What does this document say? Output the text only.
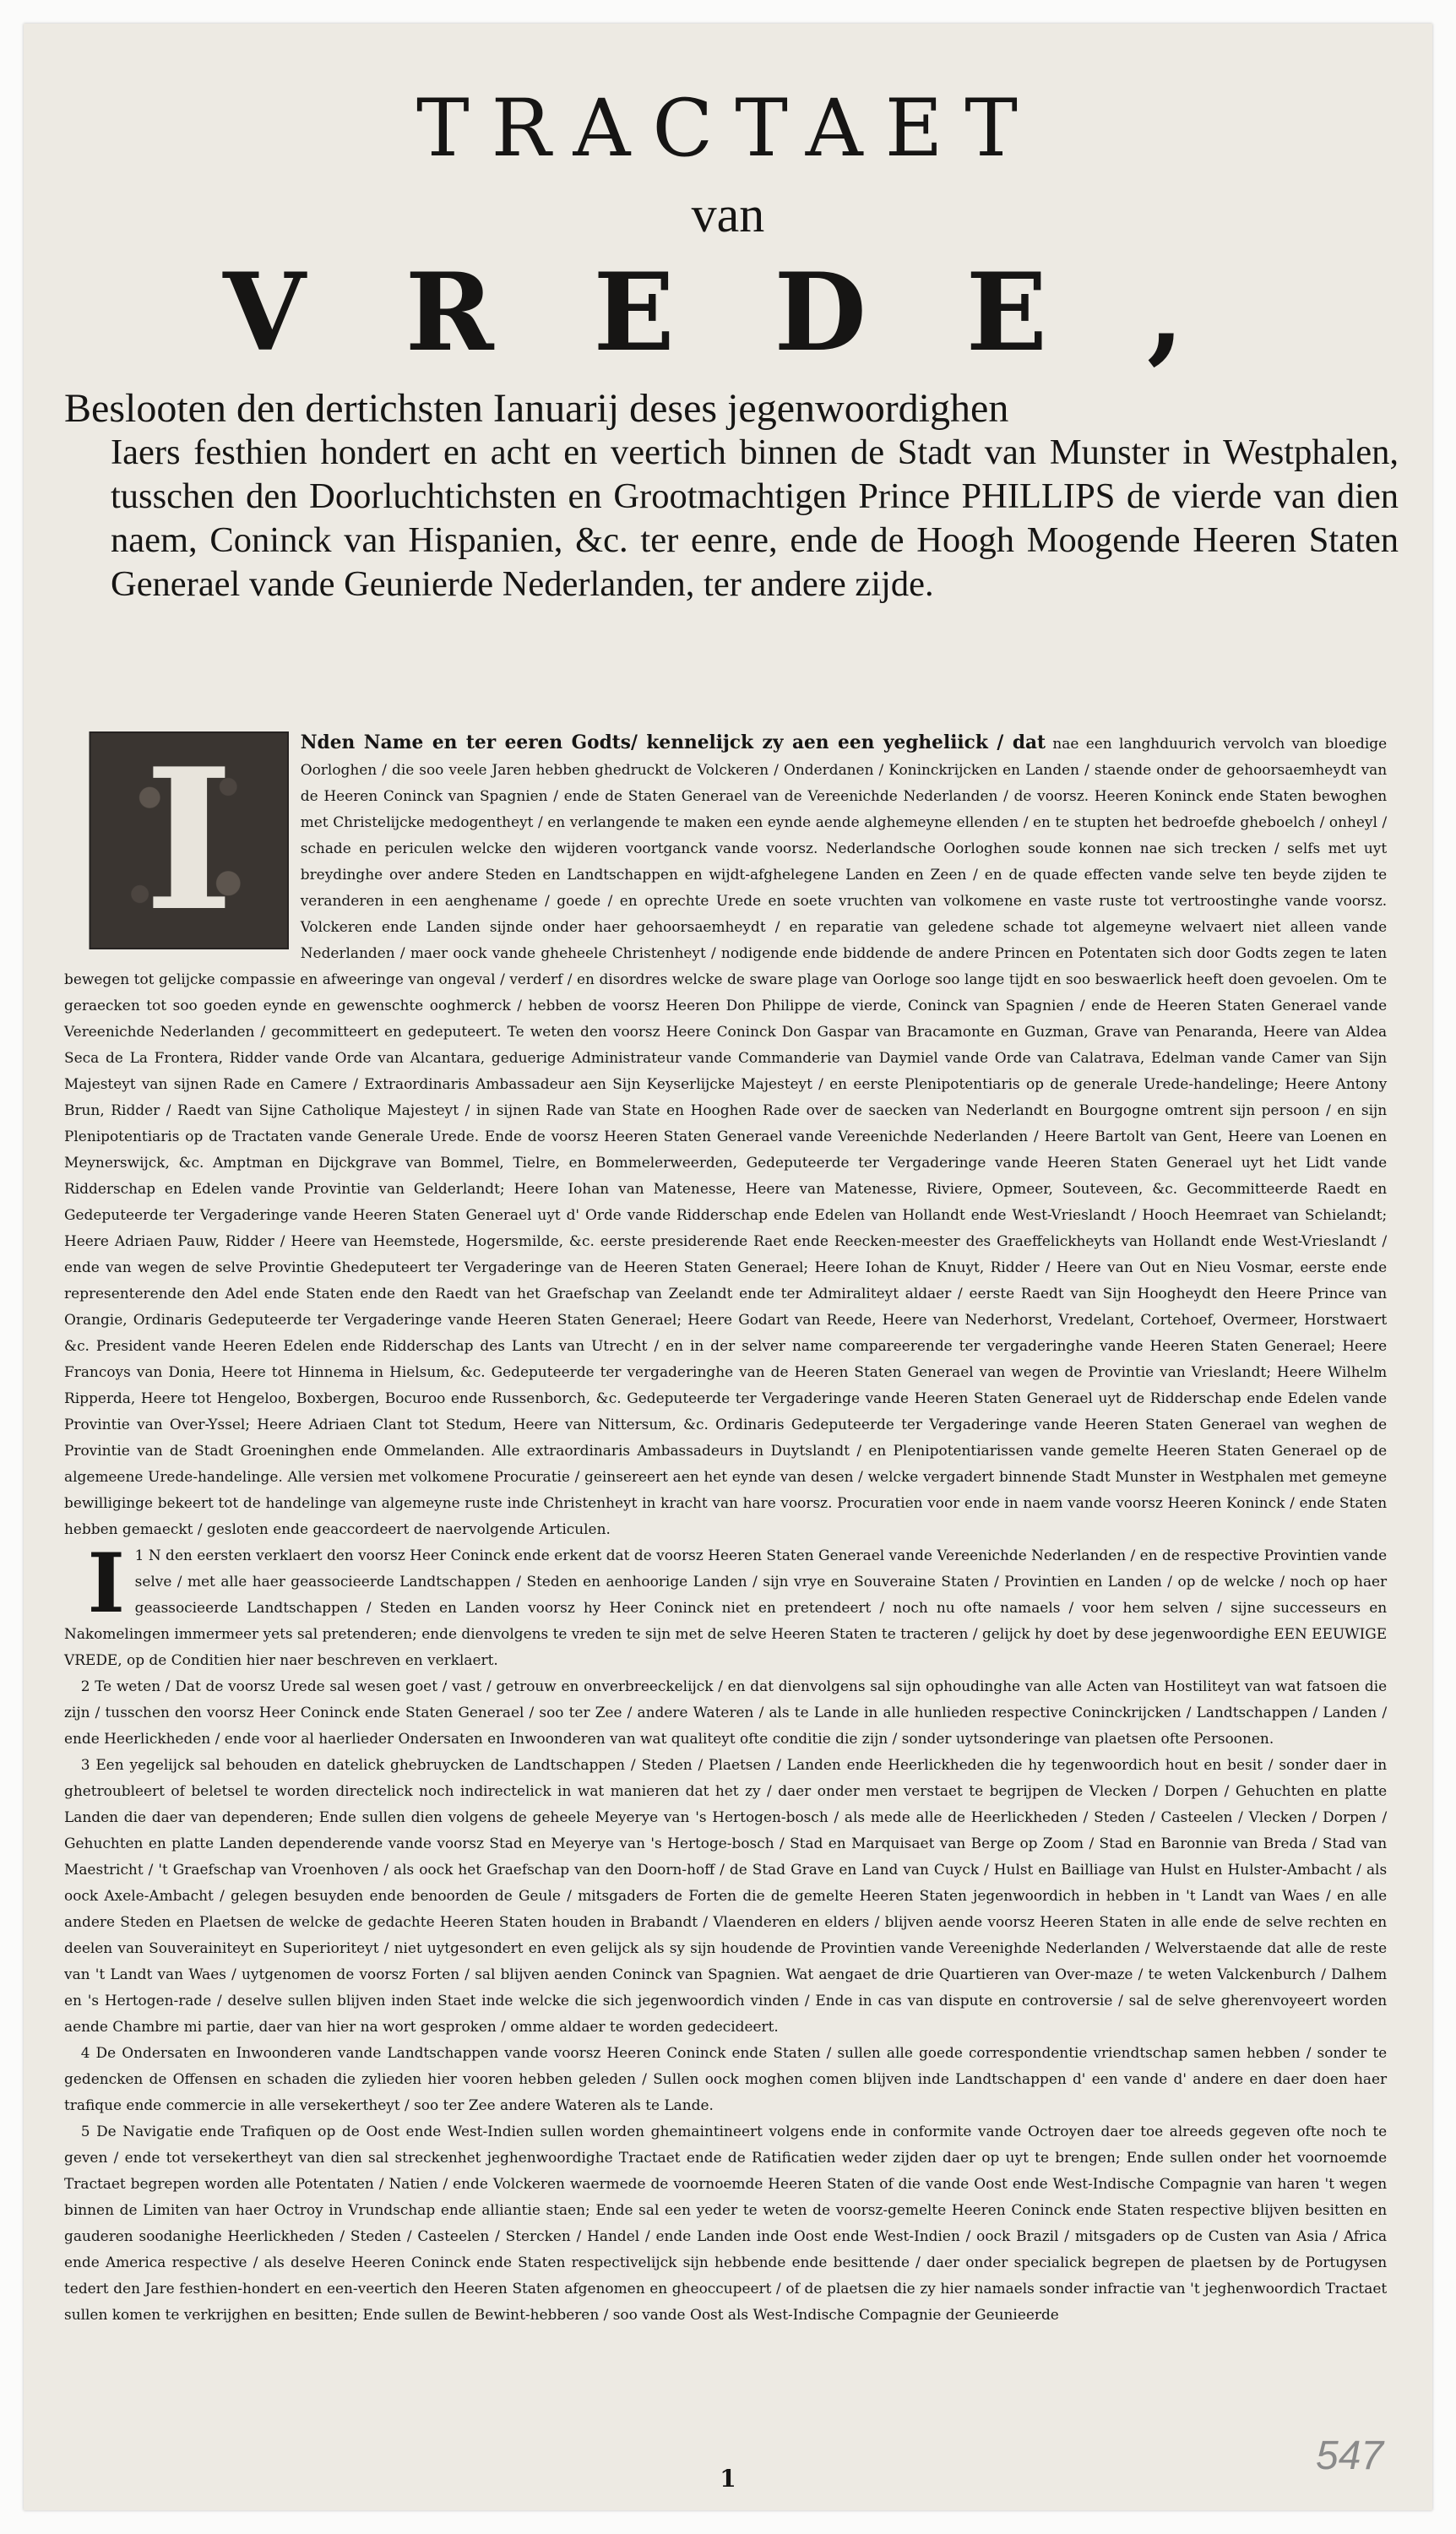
TRACTAET
van
VREDE,
Beslooten den dertichsten Ianuarij deses jegenwoordighen
Iaers festhien hondert en acht en veertich binnen de Stadt van Munster in Westphalen, tusschen den Doorluchtichsten en Grootmachtigen Prince PHILLIPS de vierde van dien naem, Coninck van Hispanien, &c. ter eenre, ende de Hoogh Moogende Heeren Staten Generael vande Geunierde Nederlanden, ter andere zijde.

I	Nden Name en ter eeren Godts/ kennelijck zy aen een yegheliick / dat nae een langhduurich vervolch van bloedige Oorloghen / die soo veele Jaren hebben ghedruckt de Volckeren / Onderdanen / Koninckrijcken en Landen / staende onder de gehoorsaemheydt van de Heeren Coninck van Spagnien / ende de Staten Generael van de Vereenichde Nederlanden / de voorsz. Heeren Koninck ende Staten bewoghen met Christelijcke medogentheyt / en verlangende te maken een eynde aende alghemeyne ellenden / en te stupten het bedroefde gheboelch / onheyl / schade en periculen welcke den wijderen voortganck vande voorsz. Nederlandsche Oorloghen soude konnen nae sich trecken / selfs met uyt breydinghe over andere Steden en Landtschappen en wijdt-afghelegene Landen en Zeen / en de quade effecten vande selve ten beyde zijden te veranderen in een aenghename / goede / en oprechte Urede en soete vruchten van volkomene en vaste ruste tot vertroostinghe vande voorsz. Volckeren ende Landen sijnde onder haer gehoorsaemheydt / en reparatie van geledene schade tot algemeyne welvaert niet alleen vande Nederlanden / maer oock vande gheheele Christenheyt / nodigende ende biddende de andere Princen en Potentaten sich door Godts zegen te laten bewegen tot gelijcke compassie en afweeringe van ongeval / verderf / en disordres welcke de sware plage van Oorloge soo lange tijdt en soo beswaerlick heeft doen gevoelen. Om te geraecken tot soo goeden eynde en gewenschte ooghmerck / hebben de voorsz Heeren Don Philippe de vierde, Coninck van Spagnien / ende de Heeren Staten Generael vande Vereenichde Nederlanden / gecommitteert en gedeputeert. Te weten den voorsz Heere Coninck Don Gaspar van Bracamonte en Guzman, Grave van Penaranda, Heere van Aldea Seca de La Frontera, Ridder vande Orde van Alcantara, geduerige Administrateur vande Commanderie van Daymiel vande Orde van Calatrava, Edelman vande Camer van Sijn Majesteyt van sijnen Rade en Camere / Extraordinaris Ambassadeur aen Sijn Keyserlijcke Majesteyt / en eerste Plenipotentiaris op de generale Urede-handelinge; Heere Antony Brun, Ridder / Raedt van Sijne Catholique Majesteyt / in sijnen Rade van State en Hooghen Rade over de saecken van Nederlandt en Bourgogne omtrent sijn persoon / en sijn Plenipotentiaris op de Tractaten vande Generale Urede. Ende de voorsz Heeren Staten Generael vande Vereenichde Nederlanden / Heere Bartolt van Gent, Heere van Loenen en Meynerswijck, &c. Amptman en Dijckgrave van Bommel, Tielre, en Bommelerweerden, Gedeputeerde ter Vergaderinge vande Heeren Staten Generael uyt het Lidt vande Ridderschap en Edelen vande Provintie van Gelderlandt; Heere Iohan van Matenesse, Heere van Matenesse, Riviere, Opmeer, Souteveen, &c. Gecommitteerde Raedt en Gedeputeerde ter Vergaderinge vande Heeren Staten Generael uyt d' Orde vande Ridderschap ende Edelen van Hollandt ende West-Vrieslandt / Hooch Heemraet van Schielandt; Heere Adriaen Pauw, Ridder / Heere van Heemstede, Hogersmilde, &c. eerste presiderende Raet ende Reecken-meester des Graeffelickheyts van Hollandt ende West-Vrieslandt / ende van wegen de selve Provintie Ghedeputeert ter Vergaderinge van de Heeren Staten Generael; Heere Iohan de Knuyt, Ridder / Heere van Out en Nieu Vosmar, eerste ende representerende den Adel ende Staten ende den Raedt van het Graefschap van Zeelandt ende ter Admiraliteyt aldaer / eerste Raedt van Sijn Hoogheydt den Heere Prince van Orangie, Ordinaris Gedeputeerde ter Vergaderinge vande Heeren Staten Generael; Heere Godart van Reede, Heere van Nederhorst, Vredelant, Cortehoef, Overmeer, Horstwaert &c. President vande Heeren Edelen ende Ridderschap des Lants van Utrecht / en in der selver name compareerende ter vergaderinghe vande Heeren Staten Generael; Heere Francoys van Donia, Heere tot Hinnema in Hielsum, &c. Gedeputeerde ter vergaderinghe van de Heeren Staten Generael van wegen de Provintie van Vrieslandt; Heere Wilhelm Ripperda, Heere tot Hengeloo, Boxbergen, Bocuroo ende Russenborch, &c. Gedeputeerde ter Vergaderinge vande Heeren Staten Generael uyt de Ridderschap ende Edelen vande Provintie van Over-Yssel; Heere Adriaen Clant tot Stedum, Heere van Nittersum, &c. Ordinaris Gedeputeerde ter Vergaderinge vande Heeren Staten Generael van weghen de Provintie van de Stadt Groeninghen ende Ommelanden. Alle extraordinaris Ambassadeurs in Duytslandt / en Plenipotentiarissen vande gemelte Heeren Staten Generael op de algemeene Urede-handelinge. Alle versien met volkomene Procuratie / geinsereert aen het eynde van desen / welcke vergadert binnende Stadt Munster in Westphalen met gemeyne bewilliginge bekeert tot de handelinge van algemeyne ruste inde Christenheyt in kracht van hare voorsz. Procuratien voor ende in naem vande voorsz Heeren Koninck / ende Staten hebben gemaeckt / gesloten ende geaccordeert de naervolgende Articulen.

I 1 N den eersten verklaert den voorsz Heer Coninck ende erkent dat de voorsz Heeren Staten Generael vande Vereenichde Nederlanden / en de respective Provintien vande selve / met alle haer geassocieerde Landtschappen / Steden en aenhoorige Landen / sijn vrye en Souveraine Staten / Provintien en Landen / op de welcke / noch op haer geassocieerde Landtschappen / Steden en Landen voorsz hy Heer Coninck niet en pretendeert / noch nu ofte namaels / voor hem selven / sijne successeurs en Nakomelingen immermeer yets sal pretenderen; ende dienvolgens te vreden te sijn met de selve Heeren Staten te tracteren / gelijck hy doet by dese jegenwoordighe EEN EEUWIGE VREDE, op de Conditien hier naer beschreven en verklaert.

2 Te weten / Dat de voorsz Urede sal wesen goet / vast / getrouw en onverbreeckelijck / en dat dienvolgens sal sijn ophoudinghe van alle Acten van Hostiliteyt van wat fatsoen die zijn / tusschen den voorsz Heer Coninck ende Staten Generael / soo ter Zee / andere Wateren / als te Lande in alle hunlieden respective Coninckrijcken / Landtschappen / Landen / ende Heerlickheden / ende voor al haerlieder Ondersaten en Inwoonderen van wat qualiteyt ofte conditie die zijn / sonder uytsonderinge van plaetsen ofte Persoonen.

3 Een yegelijck sal behouden en datelick ghebruycken de Landtschappen / Steden / Plaetsen / Landen ende Heerlickheden die hy tegenwoordich hout en besit / sonder daer in ghetroubleert of beletsel te worden directelick noch indirectelick in wat manieren dat het zy / daer onder men verstaet te begrijpen de Vlecken / Dorpen / Gehuchten en platte Landen die daer van dependeren; Ende sullen dien volgens de geheele Meyerye van 's Hertogen-bosch / als mede alle de Heerlickheden / Steden / Casteelen / Vlecken / Dorpen / Gehuchten en platte Landen dependerende vande voorsz Stad en Meyerye van 's Hertoge-bosch / Stad en Marquisaet van Berge op Zoom / Stad en Baronnie van Breda / Stad van Maestricht / 't Graefschap van Vroenhoven / als oock het Graefschap van den Doorn-hoff / de Stad Grave en Land van Cuyck / Hulst en Bailliage van Hulst en Hulster-Ambacht / als oock Axele-Ambacht / gelegen besuyden ende benoorden de Geule / mitsgaders de Forten die de gemelte Heeren Staten jegenwoordich in hebben in 't Landt van Waes / en alle andere Steden en Plaetsen de welcke de gedachte Heeren Staten houden in Brabandt / Vlaenderen en elders / blijven aende voorsz Heeren Staten in alle ende de selve rechten en deelen van Souverainiteyt en Superioriteyt / niet uytgesondert en even gelijck als sy sijn houdende de Provintien vande Vereenighde Nederlanden / Welverstaende dat alle de reste van 't Landt van Waes / uytgenomen de voorsz Forten / sal blijven aenden Coninck van Spagnien. Wat aengaet de drie Quartieren van Over-maze / te weten Valckenburch / Dalhem en 's Hertogen-rade / deselve sullen blijven inden Staet inde welcke die sich jegenwoordich vinden / Ende in cas van dispute en controversie / sal de selve gherenvoyeert worden aende Chambre mi partie, daer van hier na wort gesproken / omme aldaer te worden gedecideert.

4 De Ondersaten en Inwoonderen vande Landtschappen vande voorsz Heeren Coninck ende Staten / sullen alle goede correspondentie vriendtschap samen hebben / sonder te gedencken de Offensen en schaden die zylieden hier vooren hebben geleden / Sullen oock moghen comen blijven inde Landtschappen d' een vande d' andere en daer doen haer trafique ende commercie in alle versekertheyt / soo ter Zee andere Wateren als te Lande.

5 De Navigatie ende Trafiquen op de Oost ende West-Indien sullen worden ghemaintineert volgens ende in conformite vande Octroyen daer toe alreeds gegeven ofte noch te geven / ende tot versekertheyt van dien sal streckenhet jeghenwoordighe Tractaet ende de Ratificatien weder zijden daer op uyt te brengen; Ende sullen onder het voornoemde Tractaet begrepen worden alle Potentaten / Natien / ende Volckeren waermede de voornoemde Heeren Staten of die vande Oost ende West-Indische Compagnie van haren 't wegen binnen de Limiten van haer Octroy in Vrundschap ende alliantie staen; Ende sal een yeder te weten de voorsz-gemelte Heeren Coninck ende Staten respective blijven besitten en gauderen soodanighe Heerlickheden / Steden / Casteelen / Stercken / Handel / ende Landen inde Oost ende West-Indien / oock Brazil / mitsgaders op de Custen van Asia / Africa ende America respective / als deselve Heeren Coninck ende Staten respectivelijck sijn hebbende ende besittende / daer onder specialick begrepen de plaetsen by de Portugysen tedert den Jare festhien-hondert en een-veertich den Heeren Staten afgenomen en gheoccupeert / of de plaetsen die zy hier namaels sonder infractie van 't jeghenwoordich Tractaet sullen komen te verkrijghen en besitten; Ende sullen de Bewint-hebberen / soo vande Oost als West-Indische Compagnie der Geunieerde

1
547
